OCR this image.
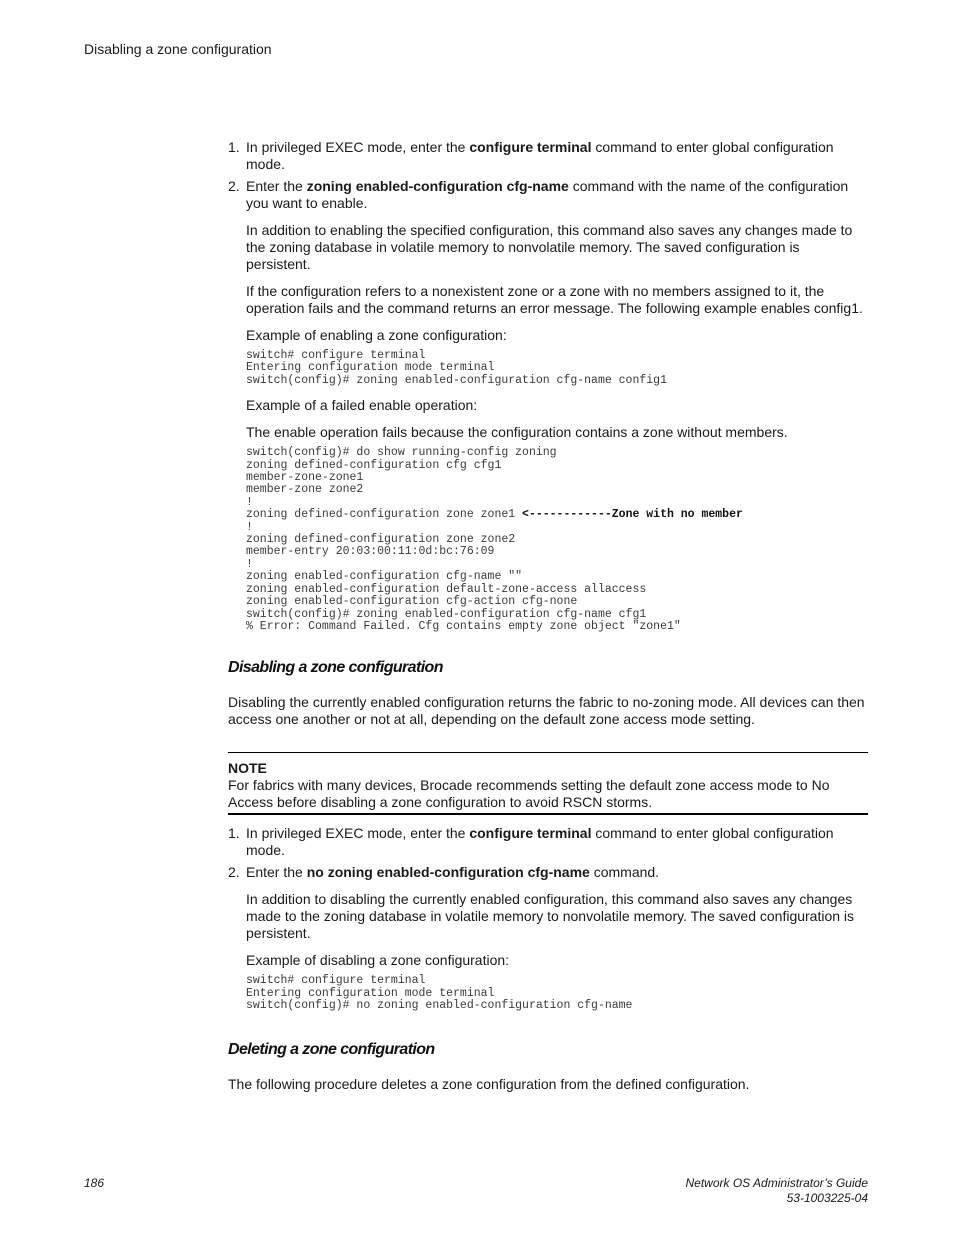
Disabling a zone configuration
1. In privileged EXEC mode, enter the configure terminal command to enter global configuration mode.
2. Enter the zoning enabled-configuration cfg-name command with the name of the configuration you want to enable.

In addition to enabling the specified configuration, this command also saves any changes made to the zoning database in volatile memory to nonvolatile memory. The saved configuration is persistent.

If the configuration refers to a nonexistent zone or a zone with no members assigned to it, the operation fails and the command returns an error message. The following example enables config1.

Example of enabling a zone configuration:

switch# configure terminal
Entering configuration mode terminal
switch(config)# zoning enabled-configuration cfg-name config1

Example of a failed enable operation:

The enable operation fails because the configuration contains a zone without members.

switch(config)# do show running-config zoning
zoning defined-configuration cfg cfg1
member-zone-zone1
member-zone zone2
!
zoning defined-configuration zone zone1 <------------Zone with no member
!
zoning defined-configuration zone zone2
member-entry 20:03:00:11:0d:bc:76:09
!
zoning enabled-configuration cfg-name ""
zoning enabled-configuration default-zone-access allaccess
zoning enabled-configuration cfg-action cfg-none
switch(config)# zoning enabled-configuration cfg-name cfg1
% Error: Command Failed. Cfg contains empty zone object "zone1"
Disabling a zone configuration

Disabling the currently enabled configuration returns the fabric to no-zoning mode. All devices can then access one another or not at all, depending on the default zone access mode setting.

NOTE
For fabrics with many devices, Brocade recommends setting the default zone access mode to No Access before disabling a zone configuration to avoid RSCN storms.
1. In privileged EXEC mode, enter the configure terminal command to enter global configuration mode.
2. Enter the no zoning enabled-configuration cfg-name command.

In addition to disabling the currently enabled configuration, this command also saves any changes made to the zoning database in volatile memory to nonvolatile memory. The saved configuration is persistent.

Example of disabling a zone configuration:

switch# configure terminal
Entering configuration mode terminal
switch(config)# no zoning enabled-configuration cfg-name
Deleting a zone configuration

The following procedure deletes a zone configuration from the defined configuration.

186	Network OS Administrator’s Guide
53-1003225-04
